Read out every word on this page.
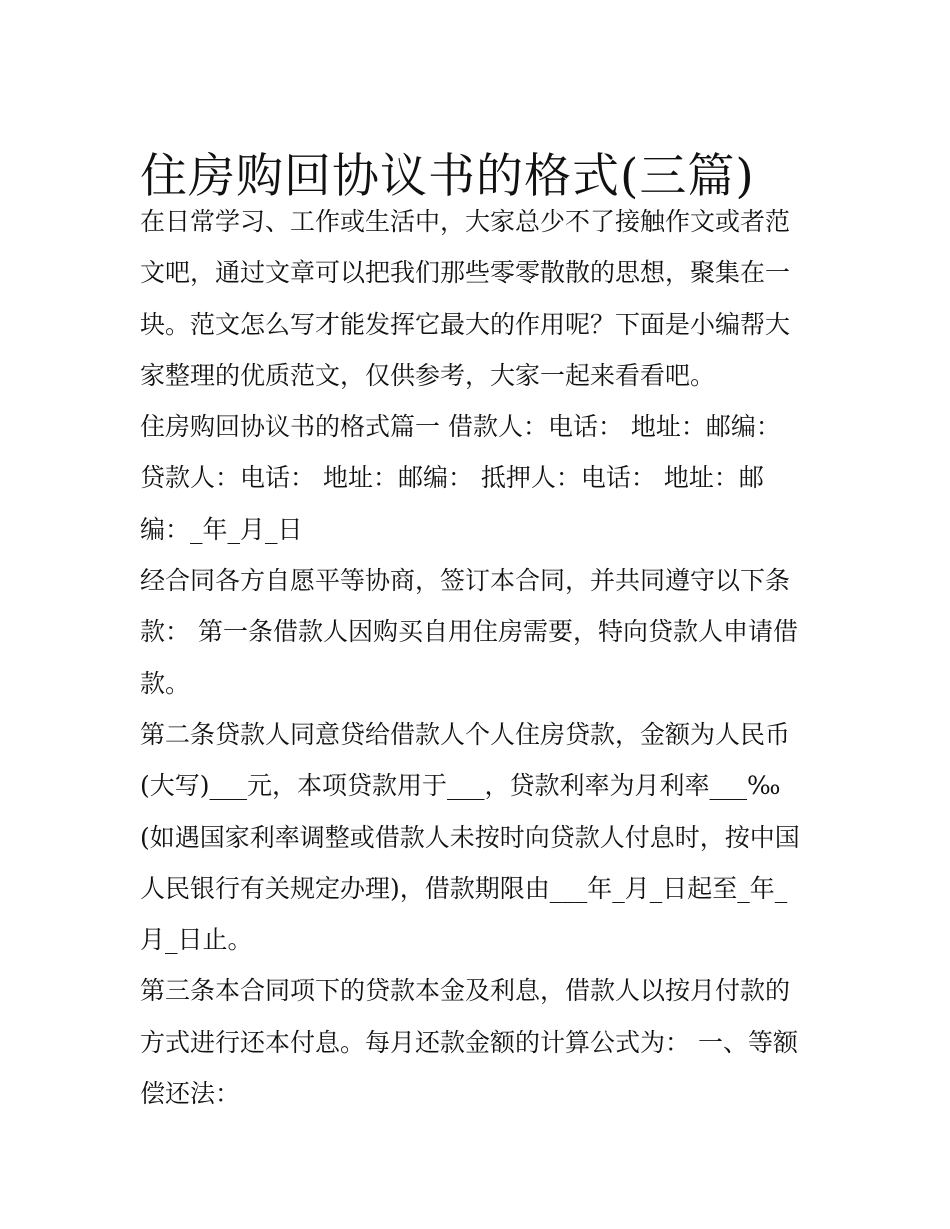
住房购回协议书的格式(三篇)

在日常学习、工作或生活中，大家总少不了接触作文或者范文吧，通过文章可以把我们那些零零散散的思想，聚集在一块。范文怎么写才能发挥它最大的作用呢？下面是小编帮大家整理的优质范文，仅供参考，大家一起来看看吧。

住房购回协议书的格式篇一 借款人：电话： 地址：邮编： 贷款人：电话： 地址：邮编： 抵押人：电话： 地址：邮编：_年_月_日

经合同各方自愿平等协商，签订本合同，并共同遵守以下条款： 第一条借款人因购买自用住房需要，特向贷款人申请借款。

第二条贷款人同意贷给借款人个人住房贷款，金额为人民币(大写)___元，本项贷款用于___，贷款利率为月利率___‰(如遇国家利率调整或借款人未按时向贷款人付息时，按中国人民银行有关规定办理)，借款期限由___年_月_日起至_年_月_日止。

第三条本合同项下的贷款本金及利息，借款人以按月付款的方式进行还本付息。每月还款金额的计算公式为： 一、等额偿还法：
